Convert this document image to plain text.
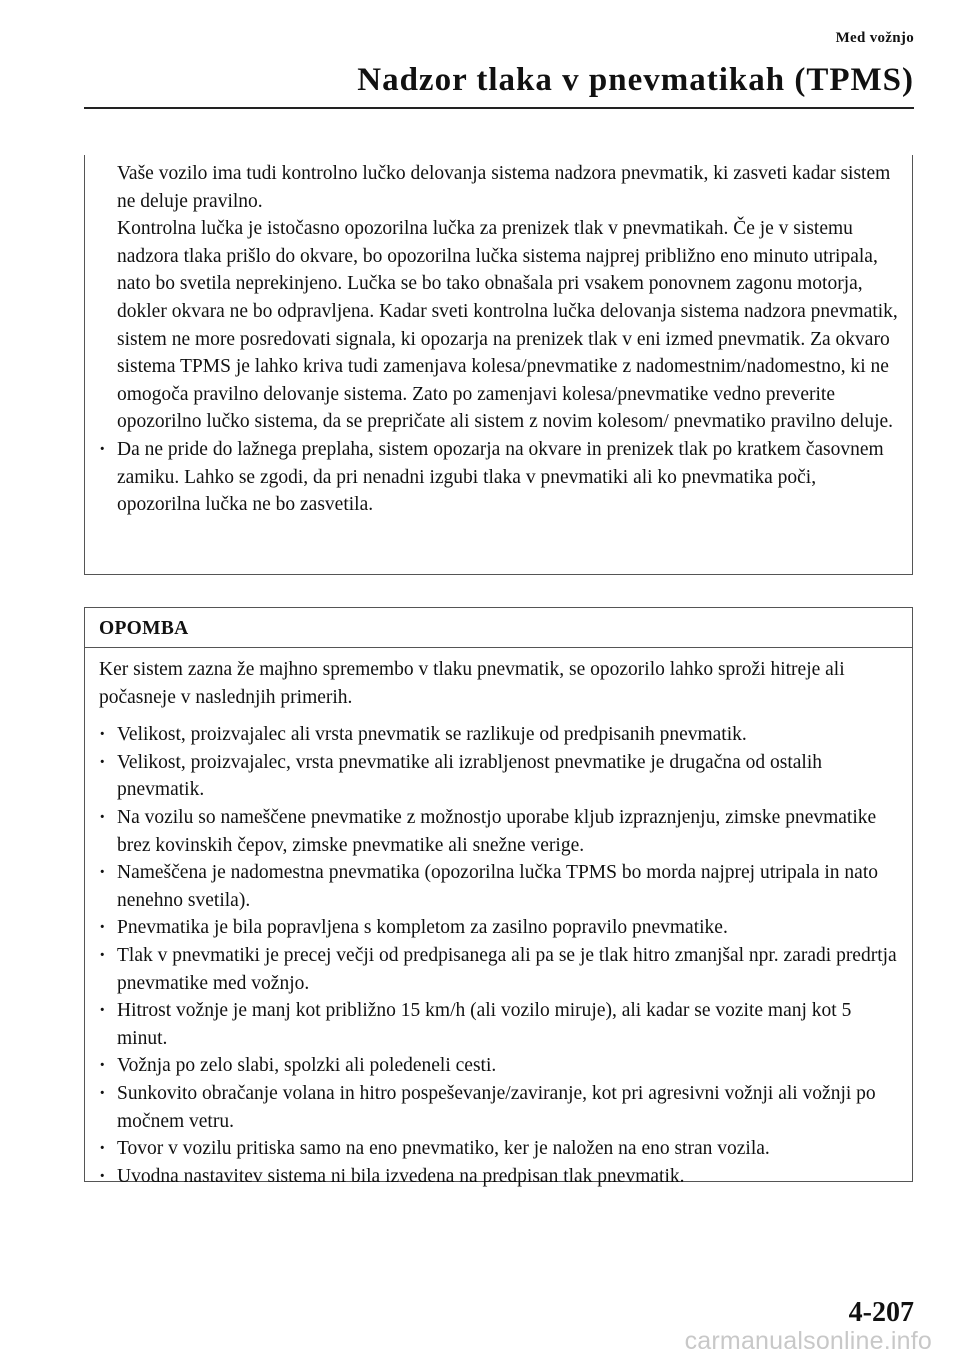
Med vožnjo
Nadzor tlaka v pnevmatikah (TPMS)

Vaše vozilo ima tudi kontrolno lučko delovanja sistema nadzora pnevmatik, ki zasveti kadar sistem ne deluje pravilno.

Kontrolna lučka je istočasno opozorilna lučka za prenizek tlak v pnevmatikah. Če je v sistemu nadzora tlaka prišlo do okvare, bo opozorilna lučka sistema najprej približno eno minuto utripala, nato bo svetila neprekinjeno. Lučka se bo tako obnašala pri vsakem ponovnem zagonu motorja, dokler okvara ne bo odpravljena. Kadar sveti kontrolna lučka delovanja sistema nadzora pnevmatik, sistem ne more posredovati signala, ki opozarja na prenizek tlak v eni izmed pnevmatik. Za okvaro sistema TPMS je lahko kriva tudi zamenjava kolesa/pnevmatike z nadomestnim/nadomestno, ki ne omogoča pravilno delovanje sistema. Zato po zamenjavi kolesa/pnevmatike vedno preverite opozorilno lučko sistema, da se prepričate ali sistem z novim kolesom/ pnevmatiko pravilno deluje.

· Da ne pride do lažnega preplaha, sistem opozarja na okvare in prenizek tlak po kratkem časovnem zamiku. Lahko se zgodi, da pri nenadni izgubi tlaka v pnevmatiki ali ko pnevmatika poči, opozorilna lučka ne bo zasvetila.
OPOMBA
Ker sistem zazna že majhno spremembo v tlaku pnevmatik, se opozorilo lahko sproži hitreje ali počasneje v naslednjih primerih.
· Velikost, proizvajalec ali vrsta pnevmatik se razlikuje od predpisanih pnevmatik.
· Velikost, proizvajalec, vrsta pnevmatike ali izrabljenost pnevmatike je drugačna od ostalih pnevmatik.
· Na vozilu so nameščene pnevmatike z možnostjo uporabe kljub izpraznjenju, zimske pnevmatike brez kovinskih čepov, zimske pnevmatike ali snežne verige.
· Nameščena je nadomestna pnevmatika (opozorilna lučka TPMS bo morda najprej utripala in nato nenehno svetila).
· Pnevmatika je bila popravljena s kompletom za zasilno popravilo pnevmatike.
· Tlak v pnevmatiki je precej večji od predpisanega ali pa se je tlak hitro zmanjšal npr. zaradi predrtja pnevmatike med vožnjo.
· Hitrost vožnje je manj kot približno 15 km/h (ali vozilo miruje), ali kadar se vozite manj kot 5 minut.
· Vožnja po zelo slabi, spolzki ali poledeneli cesti.
· Sunkovito obračanje volana in hitro pospeševanje/zaviranje, kot pri agresivni vožnji ali vožnji po močnem vetru.
· Tovor v vozilu pritiska samo na eno pnevmatiko, ker je naložen na eno stran vozila.
· Uvodna nastavitev sistema ni bila izvedena na predpisan tlak pnevmatik.
4-207
carmanualsonline.info
